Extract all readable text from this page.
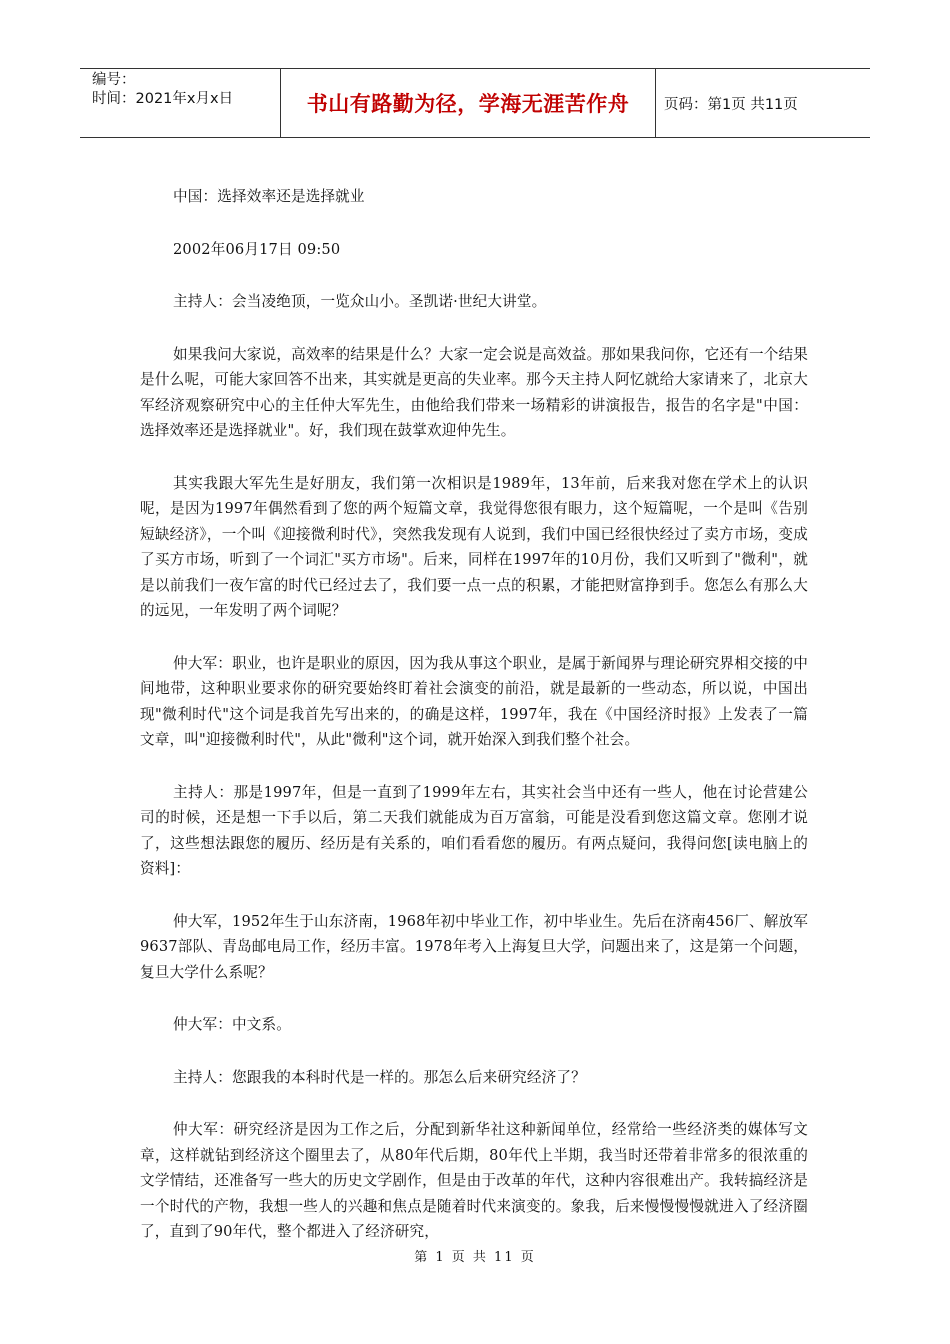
编号：
时间：2021年x月x日	书山有路勤为径，学海无涯苦作舟	页码：第1页 共11页

中国：选择效率还是选择就业

2002年06月17日 09:50

主持人：会当凌绝顶，一览众山小。圣凯诺·世纪大讲堂。

如果我问大家说，高效率的结果是什么？大家一定会说是高效益。那如果我问你，它还有一个结果是什么呢，可能大家回答不出来，其实就是更高的失业率。那今天主持人阿忆就给大家请来了，北京大军经济观察研究中心的主任仲大军先生，由他给我们带来一场精彩的讲演报告，报告的名字是"中国：选择效率还是选择就业"。好，我们现在鼓掌欢迎仲先生。

其实我跟大军先生是好朋友，我们第一次相识是1989年，13年前，后来我对您在学术上的认识呢，是因为1997年偶然看到了您的两个短篇文章，我觉得您很有眼力，这个短篇呢，一个是叫《告别短缺经济》，一个叫《迎接微利时代》，突然我发现有人说到，我们中国已经很快经过了卖方市场，变成了买方市场，听到了一个词汇"买方市场"。后来，同样在1997年的10月份，我们又听到了"微利"，就是以前我们一夜乍富的时代已经过去了，我们要一点一点的积累，才能把财富挣到手。您怎么有那么大的远见，一年发明了两个词呢？

仲大军：职业，也许是职业的原因，因为我从事这个职业，是属于新闻界与理论研究界相交接的中间地带，这种职业要求你的研究要始终盯着社会演变的前沿，就是最新的一些动态，所以说，中国出现"微利时代"这个词是我首先写出来的，的确是这样，1997年，我在《中国经济时报》上发表了一篇文章，叫"迎接微利时代"，从此"微利"这个词，就开始深入到我们整个社会。

主持人：那是1997年，但是一直到了1999年左右，其实社会当中还有一些人，他在讨论营建公司的时候，还是想一下手以后，第二天我们就能成为百万富翁，可能是没看到您这篇文章。您刚才说了，这些想法跟您的履历、经历是有关系的，咱们看看您的履历。有两点疑问，我得问您[读电脑上的资料]：

仲大军，1952年生于山东济南，1968年初中毕业工作，初中毕业生。先后在济南456厂、解放军9637部队、青岛邮电局工作，经历丰富。1978年考入上海复旦大学，问题出来了，这是第一个问题，复旦大学什么系呢？

仲大军：中文系。

主持人：您跟我的本科时代是一样的。那怎么后来研究经济了？

仲大军：研究经济是因为工作之后，分配到新华社这种新闻单位，经常给一些经济类的媒体写文章，这样就钻到经济这个圈里去了，从80年代后期，80年代上半期，我当时还带着非常多的很浓重的文学情结，还准备写一些大的历史文学剧作，但是由于改革的年代，这种内容很难出产。我转搞经济是一个时代的产物，我想一些人的兴趣和焦点是随着时代来演变的。象我，后来慢慢慢慢就进入了经济圈了，直到了90年代，整个都进入了经济研究，

第 1 页 共 11 页
